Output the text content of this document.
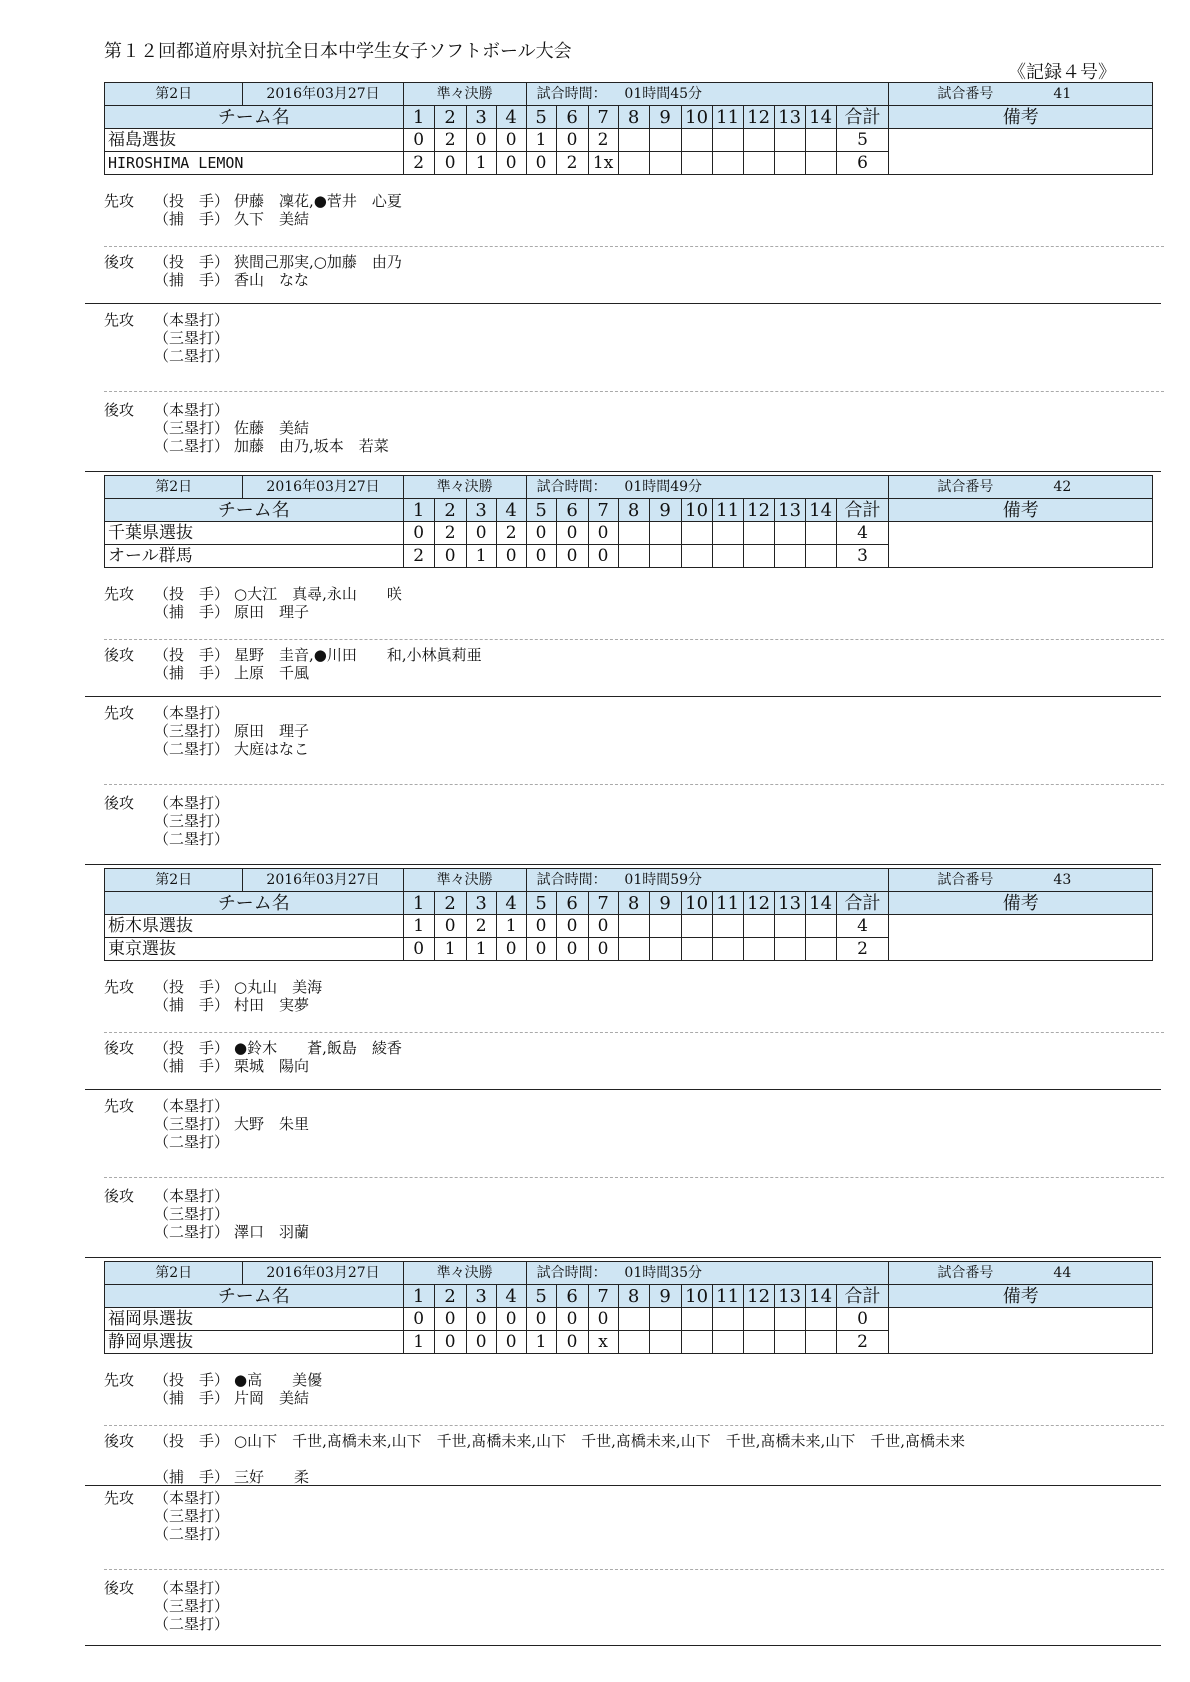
第１２回都道府県対抗全日本中学生女子ソフトボール大会
《記録４号》
第2日	2016年03月27日	準々決勝				試合時間： 01時間45分											試合番号 41
チーム名		1	2	3	4	5	6	7	8	9	10	11	12	13	14	合計	備考
福島選抜		0	2	0	0	1	0	2								5	
HIROSHIMA LEMON		2	0	1	0	0	2	1x								6	
先攻 （投　手） 伊藤　凜花,●菅井　心夏
（捕　手） 久下　美結
後攻 （投　手） 狭間己那実,○加藤　由乃
（捕　手） 香山　なな
先攻 （本塁打）
（三塁打）
（二塁打）
後攻 （本塁打）
（三塁打） 佐藤　美結
（二塁打） 加藤　由乃,坂本　若菜
第2日	2016年03月27日	準々決勝				試合時間： 01時間49分											試合番号 42
チーム名		1	2	3	4	5	6	7	8	9	10	11	12	13	14	合計	備考
千葉県選抜		0	2	0	2	0	0	0								4	
オール群馬		2	0	1	0	0	0	0								3	
先攻 （投　手） ○大江　真尋,永山　　咲
（捕　手） 原田　理子
後攻 （投　手） 星野　圭音,●川田　　和,小林眞莉亜
（捕　手） 上原　千風
先攻 （本塁打）
（三塁打） 原田　理子
（二塁打） 大庭はなこ
後攻 （本塁打）
（三塁打）
（二塁打）
第2日	2016年03月27日	準々決勝				試合時間： 01時間59分											試合番号 43
チーム名		1	2	3	4	5	6	7	8	9	10	11	12	13	14	合計	備考
栃木県選抜		1	0	2	1	0	0	0								4	
東京選抜		0	1	1	0	0	0	0								2	
先攻 （投　手） ○丸山　美海
（捕　手） 村田　実夢
後攻 （投　手） ●鈴木　　蒼,飯島　綾香
（捕　手） 栗城　陽向
先攻 （本塁打）
（三塁打） 大野　朱里
（二塁打）
後攻 （本塁打）
（三塁打）
（二塁打） 澤口　羽蘭
第2日	2016年03月27日	準々決勝				試合時間： 01時間35分											試合番号 44
チーム名		1	2	3	4	5	6	7	8	9	10	11	12	13	14	合計	備考
福岡県選抜		0	0	0	0	0	0	0								0	
静岡県選抜		1	0	0	0	1	0	x								2	
先攻 （投　手） ●高　　美優
（捕　手） 片岡　美結
後攻 （投　手） ○山下　千世,髙橋未来,山下　千世,髙橋未来,山下　千世,髙橋未来,山下　千世,髙橋未来,山下　千世,髙橋未来
（捕　手） 三好　　柔
先攻 （本塁打）
（三塁打）
（二塁打）
後攻 （本塁打）
（三塁打）
（二塁打）
